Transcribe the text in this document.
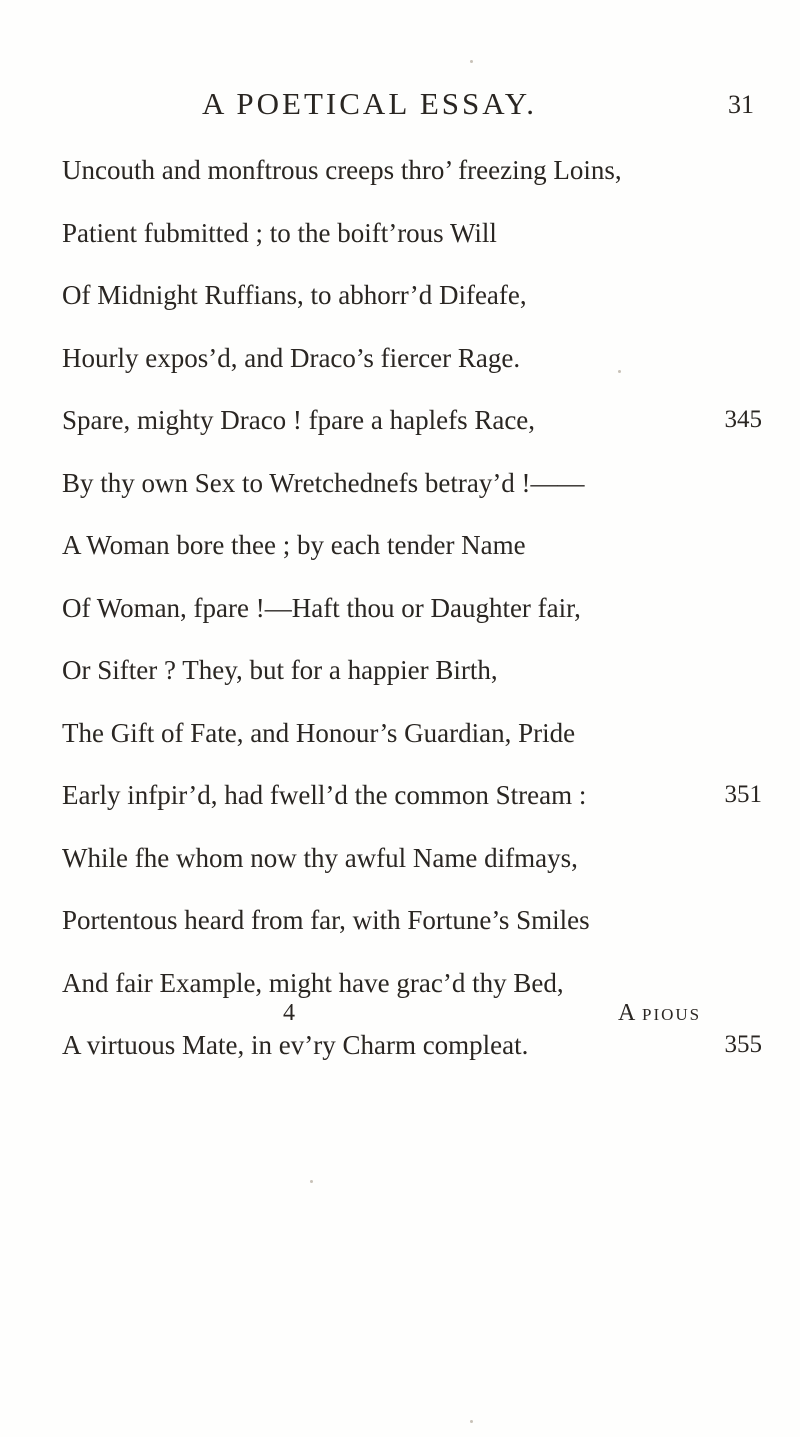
A POETICAL ESSAY.	31
Uncouth and monftrous creeps thro’ freezing Loins,
Patient fubmitted ; to the boift’rous Will
Of Midnight Ruffians, to abhorr’d Difeafe,
Hourly expos’d, and Draco’s fiercer Rage.
Spare, mighty Draco ! fpare a haplefs Race,	345
By thy own Sex to Wretchednefs betray’d !——
A Woman bore thee ; by each tender Name
Of Woman, fpare !—Haft thou or Daughter fair,
Or Sifter ? They, but for a happier Birth,
The Gift of Fate, and Honour’s Guardian, Pride
Early infpir’d, had fwell’d the common Stream :	351
While fhe whom now thy awful Name difmays,
Portentous heard from far, with Fortune’s Smiles
And fair Example, might have grac’d thy Bed,
A virtuous Mate, in ev’ry Charm compleat.	355
4	A PIOUS
